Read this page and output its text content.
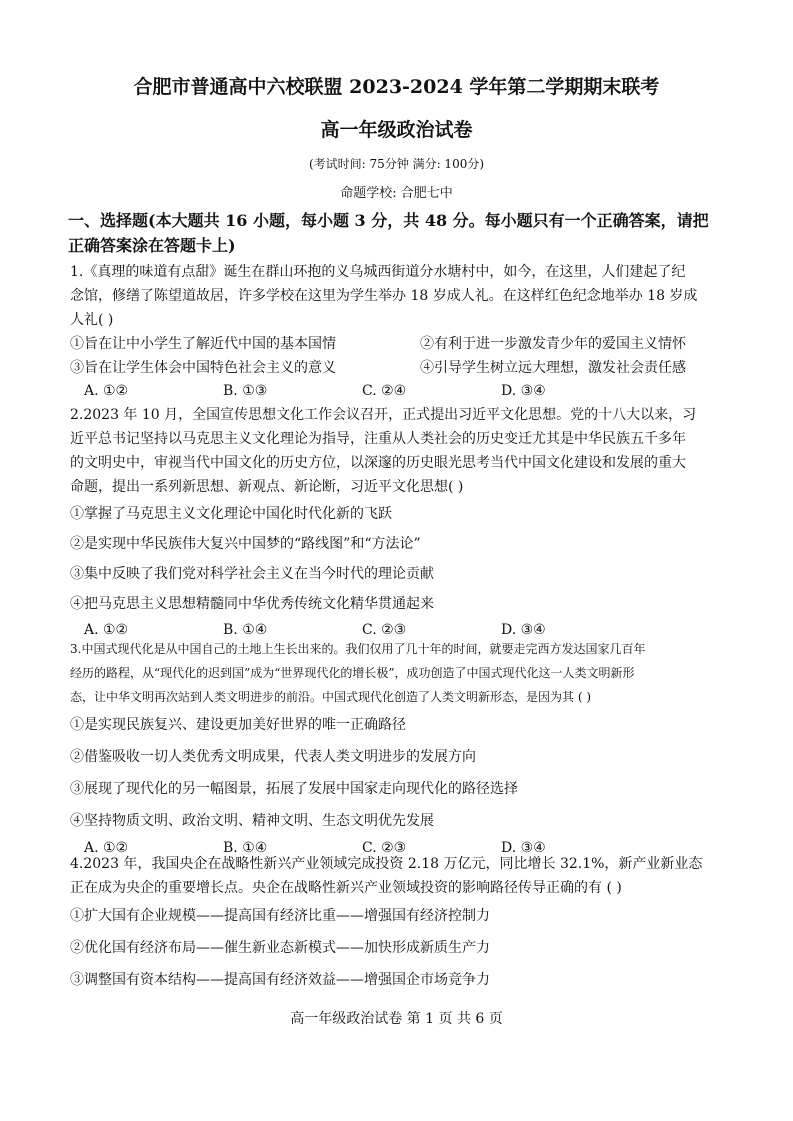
合肥市普通高中六校联盟 2023-2024 学年第二学期期末联考
高一年级政治试卷
(考试时间: 75分钟 满分: 100分)
命题学校: 合肥七中
一、选择题(本大题共 16 小题，每小题 3 分，共 48 分。每小题只有一个正确答案，请把
正确答案涂在答题卡上)
1.《真理的味道有点甜》诞生在群山环抱的义乌城西街道分水塘村中，如今，在这里，人们建起了纪
念馆，修缮了陈望道故居，许多学校在这里为学生举办 18 岁成人礼。在这样红色纪念地举办 18 岁成
人礼( )
①旨在让中小学生了解近代中国的基本国情	②有利于进一步激发青少年的爱国主义情怀
③旨在让学生体会中国特色社会主义的意义	④引导学生树立远大理想，激发社会责任感
A. ①②	B. ①③	C. ②④	D. ③④
2.2023 年 10 月，全国宣传思想文化工作会议召开，正式提出习近平文化思想。党的十八大以来，习
近平总书记坚持以马克思主义文化理论为指导，注重从人类社会的历史变迁尤其是中华民族五千多年
的文明史中，审视当代中国文化的历史方位，以深邃的历史眼光思考当代中国文化建设和发展的重大
命题，提出一系列新思想、新观点、新论断，习近平文化思想( )
①掌握了马克思主义文化理论中国化时代化新的飞跃
②是实现中华民族伟大复兴中国梦的“路线图”和“方法论”
③集中反映了我们党对科学社会主义在当今时代的理论贡献
④把马克思主义思想精髓同中华优秀传统文化精华贯通起来
A. ①②	B. ①④	C. ②③	D. ③④
3.中国式现代化是从中国自己的土地上生长出来的。我们仅用了几十年的时间，就要走完西方发达国家几百年
经历的路程，从“现代化的迟到国”成为“世界现代化的增长极”，成功创造了中国式现代化这一人类文明新形
态，让中华文明再次站到人类文明进步的前沿。中国式现代化创造了人类文明新形态，是因为其 ( )
①是实现民族复兴、建设更加美好世界的唯一正确路径
②借鉴吸收一切人类优秀文明成果，代表人类文明进步的发展方向
③展现了现代化的另一幅图景，拓展了发展中国家走向现代化的路径选择
④坚持物质文明、政治文明、精神文明、生态文明优先发展
A. ①②	B. ①④	C. ②③	D. ③④
4.2023 年，我国央企在战略性新兴产业领域完成投资 2.18 万亿元，同比增长 32.1%，新产业新业态
正在成为央企的重要增长点。央企在战略性新兴产业领域投资的影响路径传导正确的有 ( )
①扩大国有企业规模——提高国有经济比重——增强国有经济控制力
②优化国有经济布局——催生新业态新模式——加快形成新质生产力
③调整国有资本结构——提高国有经济效益——增强国企市场竞争力
高一年级政治试卷 第 1 页 共 6 页
